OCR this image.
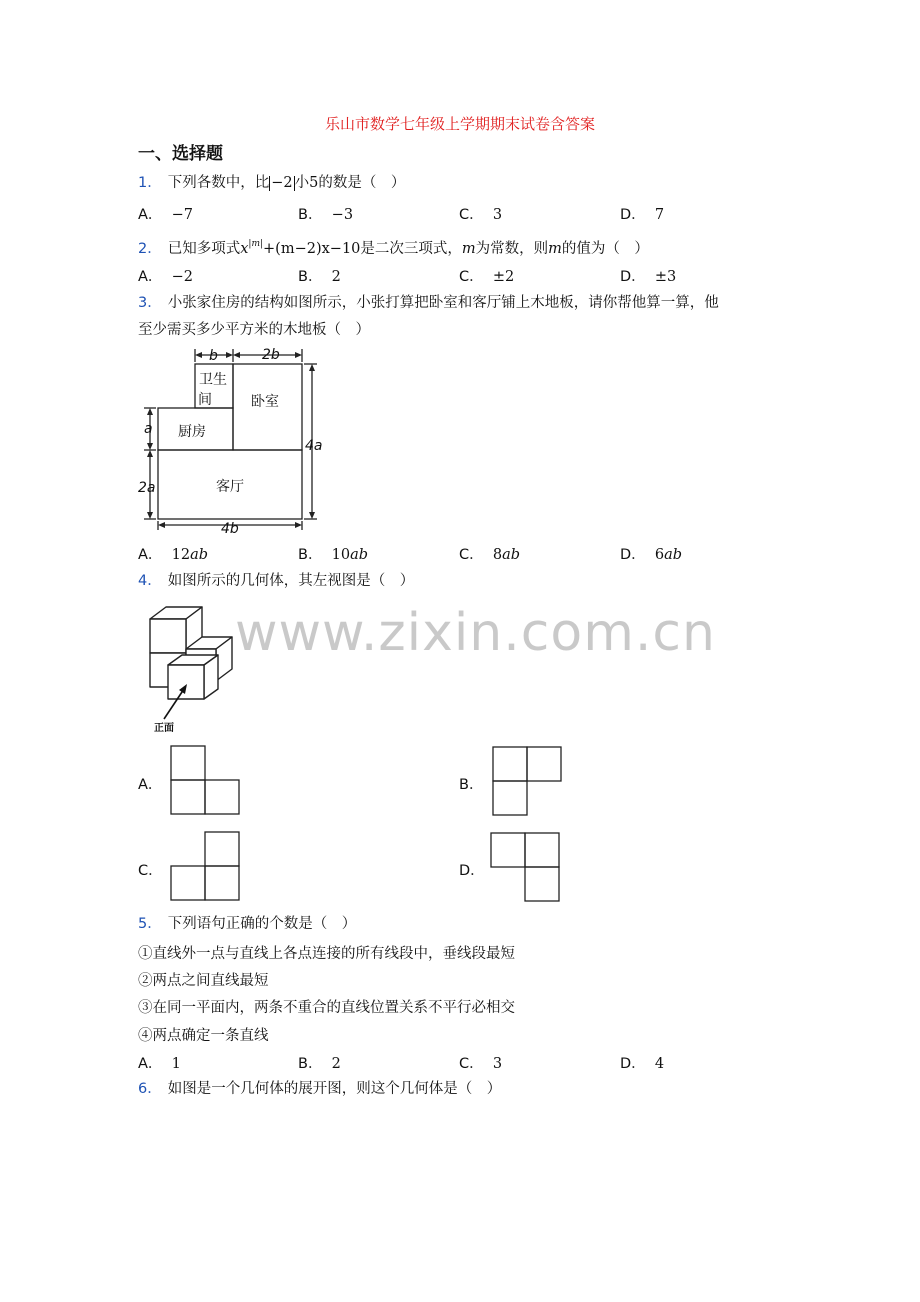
乐山市数学七年级上学期期末试卷含答案
一、选择题
1． 下列各数中，比 −2 小5的数是（　）
A． −7	B． −3	C． 3	D． 7
2． 已知多项式$x^{|m|}+(m-2)x-10$是二次三项式，m为常数，则m的值为（　）
A． −2	B． 2	C． ±2	D． ±3
3． 小张家住房的结构如图所示，小张打算把卧室和客厅铺上木地板，请你帮他算一算，他
至少需买多少平方米的木地板（　）
b	2b
卫生
间	卧室
厨房
客厅
a
2a
4a
4b
A． 12ab	B． 10ab	C． 8ab	D． 6ab
4． 如图所示的几何体，其左视图是（　）
www.zixin.com.cn
正面
A．	B．
C．	D．
5． 下列语句正确的个数是（　）
①直线外一点与直线上各点连接的所有线段中，垂线段最短
②两点之间直线最短
③在同一平面内，两条不重合的直线位置关系不平行必相交
④两点确定一条直线
A． 1	B． 2	C． 3	D． 4
6． 如图是一个几何体的展开图，则这个几何体是（　）
